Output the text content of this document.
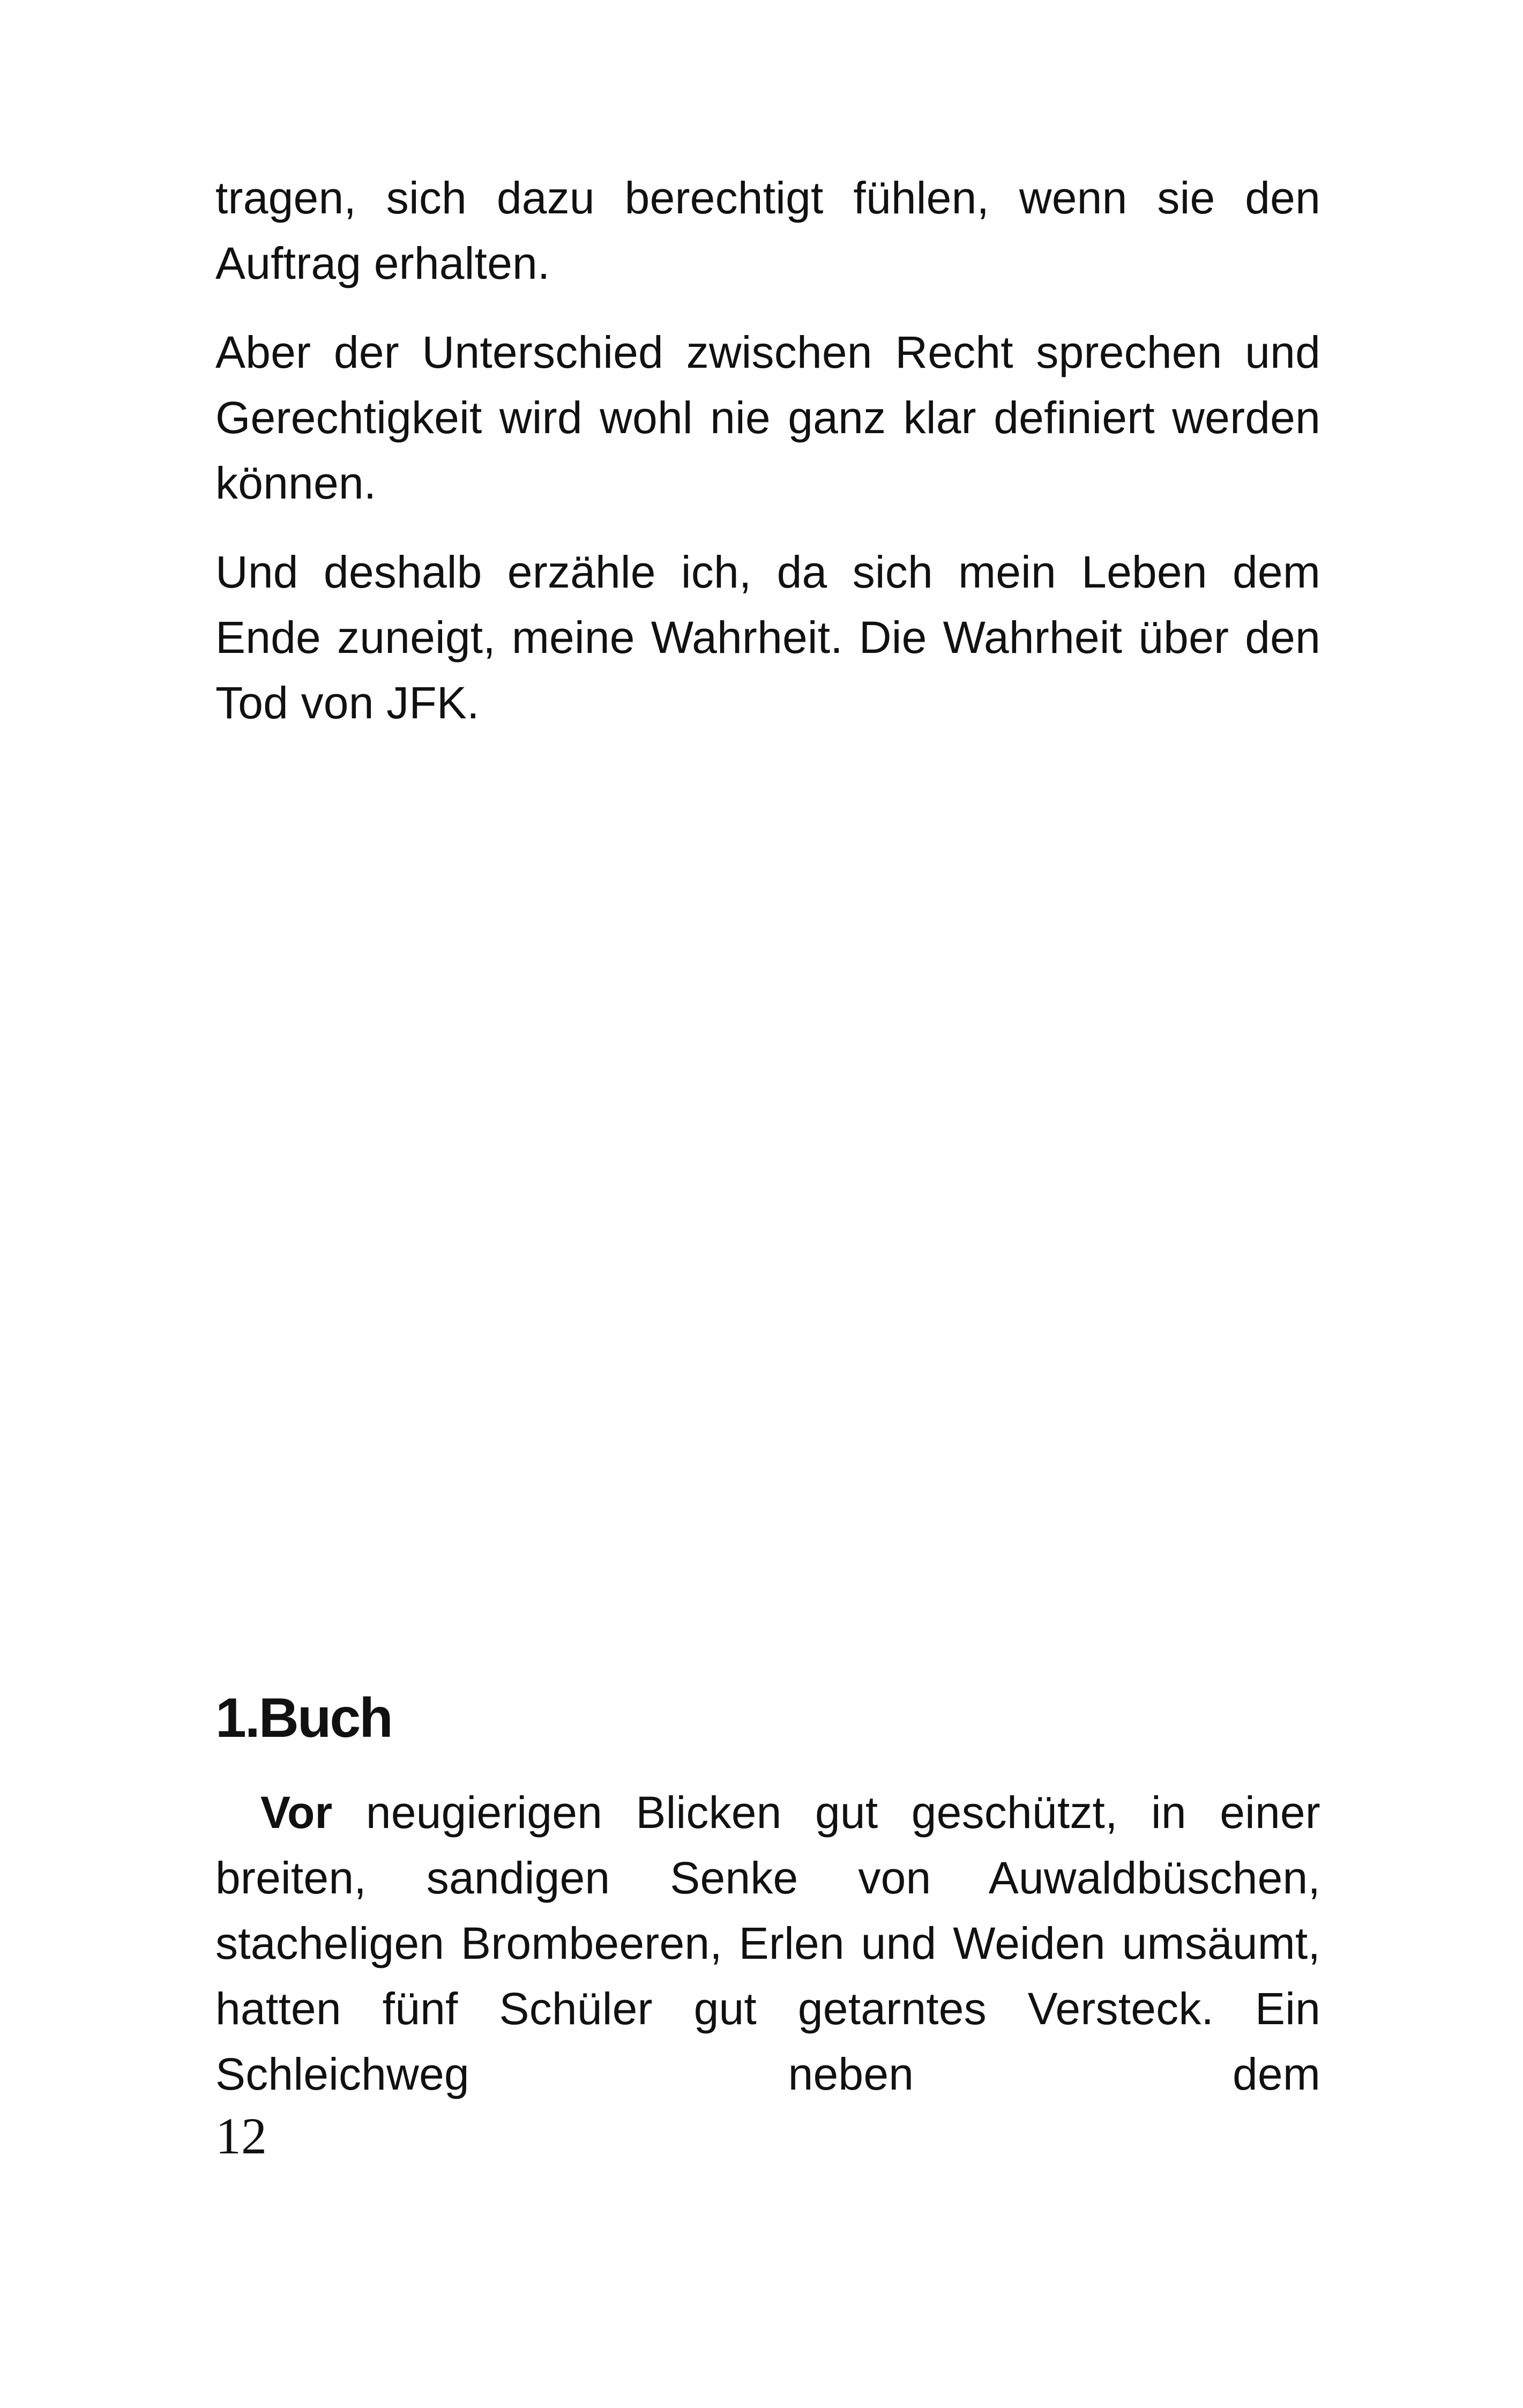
tragen, sich dazu berechtigt fühlen, wenn sie den Auftrag erhalten.

Aber der Unterschied zwischen Recht sprechen und Gerechtigkeit wird wohl nie ganz klar definiert werden können.

Und deshalb erzähle ich, da sich mein Leben dem Ende zuneigt, meine Wahrheit. Die Wahrheit über den Tod von JFK.

1.Buch

Vor neugierigen Blicken gut geschützt, in einer breiten, sandigen Senke von Auwaldbüschen, stacheligen Brombeeren, Erlen und Weiden umsäumt, hatten fünf Schüler gut getarntes Versteck. Ein Schleichweg neben dem

12
